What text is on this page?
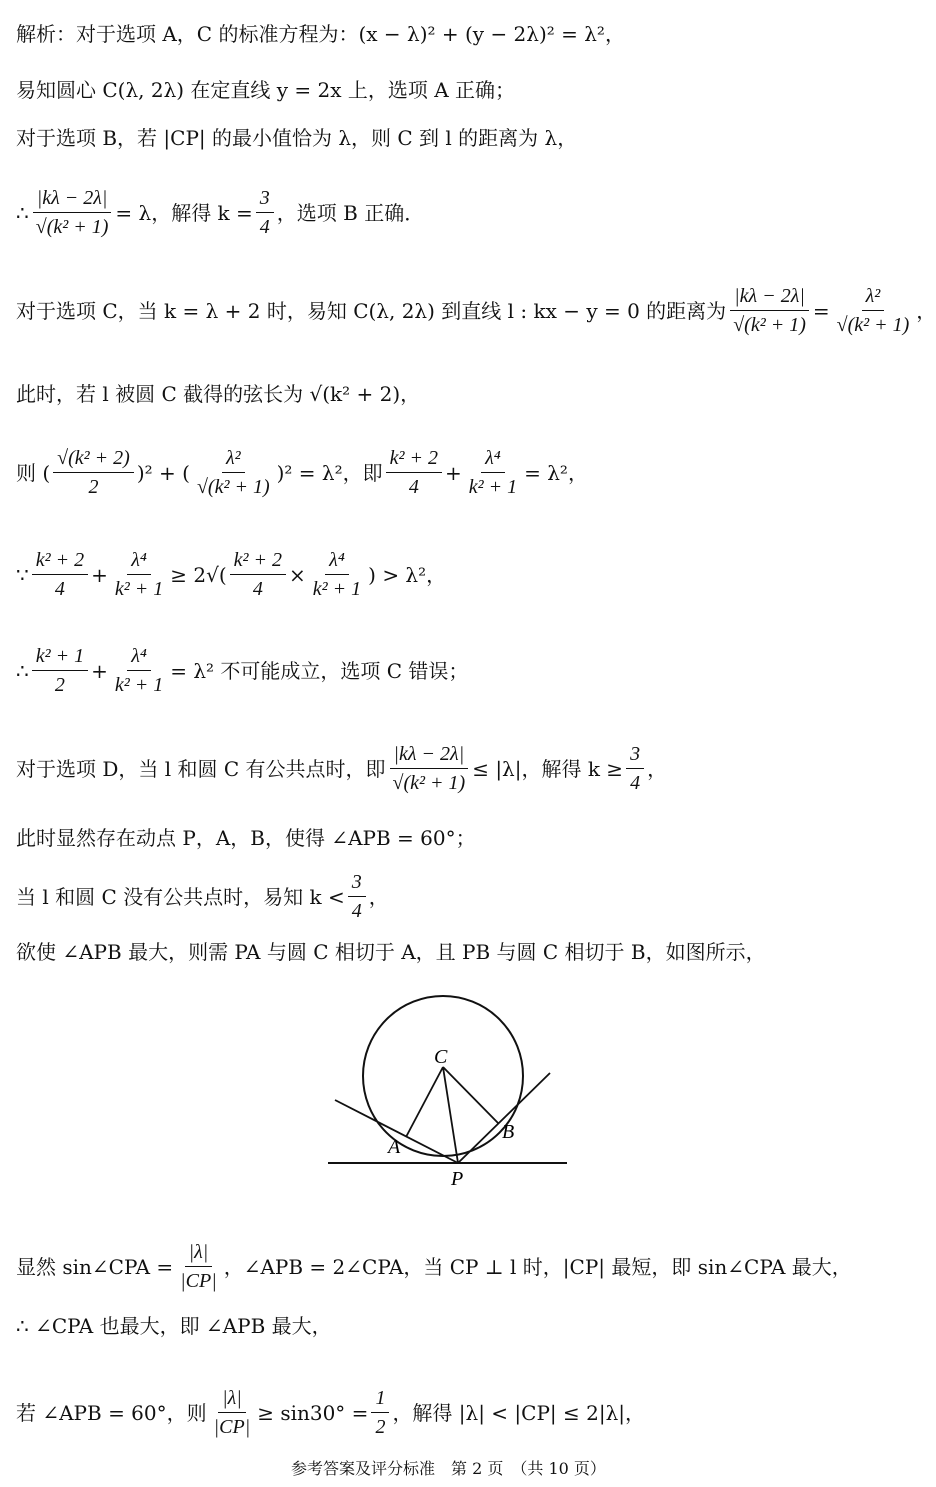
解析：对于选项 A，C 的标准方程为：(x − λ)² + (y − 2λ)² = λ²，
易知圆心 C(λ, 2λ) 在定直线 y = 2x 上，选项 A 正确；
对于选项 B，若 |CP| 的最小值恰为 λ，则 C 到 l 的距离为 λ，
∴ $\frac{|k\lambda - 2\lambda|}{\text{√(k² + 1)}} = \lambda$，解得 $k = \frac{3}{4}$ ，选项 B 正确．
对于选项 C，当 k = λ + 2 时，易知 C(λ, 2λ) 到直线 l : kx − y = 0 的距离为 $\frac{|k\lambda - 2\lambda|}{\text{√(k² + 1)}} = \frac{\text{λ²}}{\text{√(k² + 1)}}$ ，
此时，若 l 被圆 C 截得的弦长为 √(k² + 2)，
则 ( $\frac{\text{√(k² + 2)}}{2} )^2$ + ( $\frac{\text{λ²}}{\text{√(k² + 1)}} )^2 = \lambda^2$，即 $\frac{\text{k² + 2}}{4} + \frac{\text{λ⁴}}{\text{k² + 1}} = \lambda^2$，
∵ $\frac{\text{k² + 2}}{4} + \frac{\text{λ⁴}}{\text{k² + 1}} \ge 2√( \frac{\text{k² + 2}}{4} \times \frac{\text{λ⁴}}{\text{k² + 1}}$ ) > λ²，
∴ $\frac{\text{k² + 1}}{2} + \frac{\text{λ⁴}}{\text{k² + 1}} = \lambda^2$ 不可能成立，选项 C 错误；
对于选项 D，当 l 和圆 C 有公共点时，即 $\frac{|k\lambda - 2\lambda|}{\text{√(k² + 1)}} \le |\lambda|$，解得 $k \ge \frac{3}{4}$ ，
此时显然存在动点 P，A，B，使得 ∠APB = 60°；
当 l 和圆 C 没有公共点时，易知 $k < \frac{3}{4}$ ，
欲使 ∠APB 最大，则需 PA 与圆 C 相切于 A，且 PB 与圆 C 相切于 B，如图所示，
C
A
B
P
显然 sin∠CPA = $\frac{|\lambda|}{|CP|}$ ，∠APB = 2∠CPA，当 CP ⊥ l 时，|CP| 最短，即 sin∠CPA 最大，
∴ ∠CPA 也最大，即 ∠APB 最大，
若 ∠APB = 60°，则 $\frac{|\lambda|}{|CP|} \ge \sin 30^\circ = \frac{1}{2}$ ，解得 |λ| < |CP| ≤ 2|λ|，
参考答案及评分标准　第 2 页　（共 10 页）
